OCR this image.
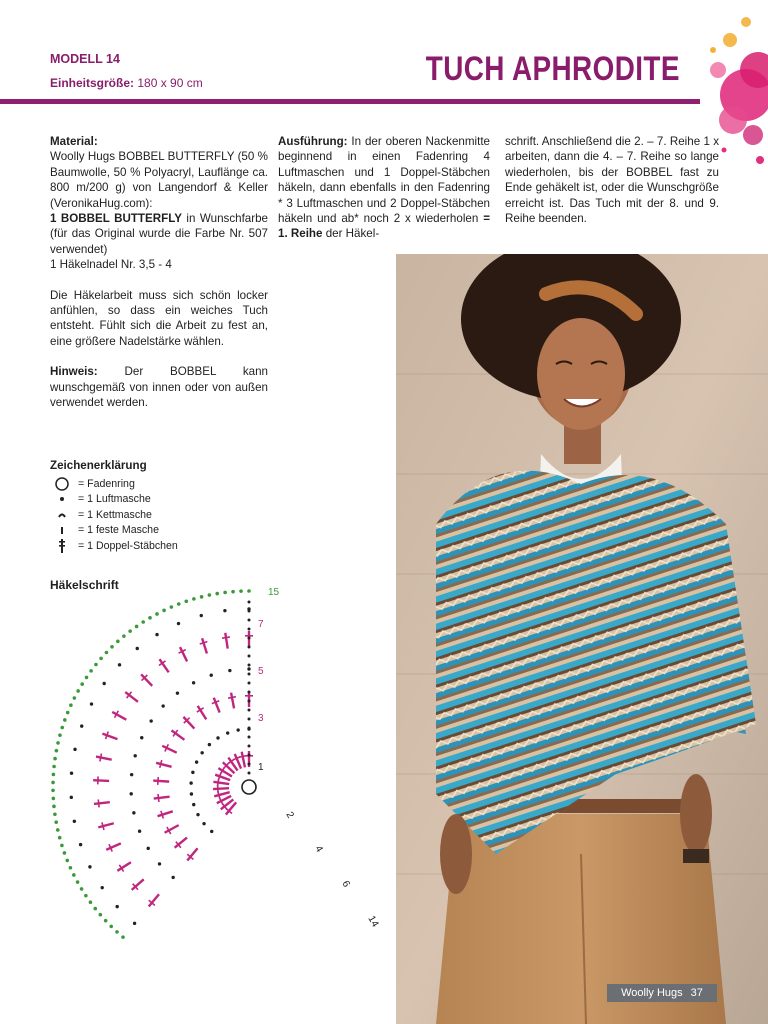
MODELL 14
Einheitsgröße: 180 x 90 cm	TUCH APHRODITE

Material:
Woolly Hugs BOBBEL BUTTERFLY (50 % Baumwolle, 50 % Polyacryl, Lauflänge ca. 800 m/200 g) von Langendorf & Keller (VeronikaHug.com):
1 BOBBEL BUTTERFLY in Wunschfarbe (für das Original wurde die Farbe Nr. 507 verwendet)
1 Häkelnadel Nr. 3,5 - 4

Die Häkelarbeit muss sich schön locker anfühlen, so dass ein weiches Tuch entsteht. Fühlt sich die Arbeit zu fest an, eine größere Nadelstärke wählen.

Hinweis: Der BOBBEL kann wunschgemäß von innen oder von außen verwendet werden.

Ausführung: In der oberen Nackenmitte beginnend in einen Fadenring 4 Luftmaschen und 1 Doppel-Stäbchen häkeln, dann ebenfalls in den Fadenring * 3 Luftmaschen und 2 Doppel-Stäbchen häkeln und ab* noch 2 x wiederholen = 1. Reihe der Häkel-
schrift. Anschließend die 2. – 7. Reihe 1 x arbeiten, dann die 4. – 7. Reihe so lange wiederholen, bis der BOBBEL fast zu Ende gehäkelt ist, oder die Wunschgröße erreicht ist. Das Tuch mit der 8. und 9. Reihe beenden.
Zeichenerklärung
= Fadenring
= 1 Luftmasche
= 1 Kettmasche
= 1 feste Masche
= 1 Doppel-Stäbchen
Häkelschrift
15
7
5
3
1
2
4
6
14
Woolly Hugs 37
